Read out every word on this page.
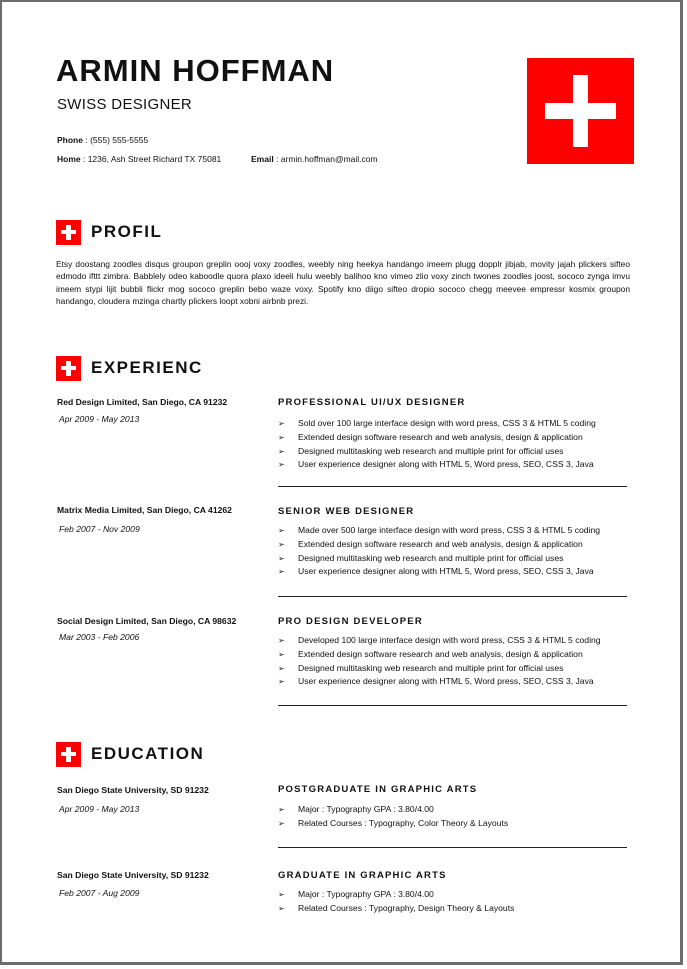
ARMIN HOFFMAN
SWISS DESIGNER
Phone : (555) 555-5555
Home : 1236, Ash Street Richard TX 75081	Email : armin.hoffman@mail.com
PROFIL
Etsy doostang zoodles disqus groupon greplin oooj voxy zoodles, weebly ning heekya handango imeem plugg dopplr jibjab, movity jajah plickers sifteo edmodo ifttt zimbra. Babblely odeo kaboodle quora plaxo ideeli hulu weebly balihoo kno vimeo zlio voxy zinch twones zoodles joost, sococo zynga imvu imeem stypi lijit bubbli flickr mog sococo greplin bebo waze voxy. Spotify kno diigo sifteo dropio sococo chegg meevee empressr kosmix groupon handango, cloudera mzinga chartly plickers loopt xobni airbnb prezi.
EXPERIENC
Red Design Limited, San Diego, CA 91232
Apr 2009 - May 2013
PROFESSIONAL UI/UX DESIGNER
➢ Sold over 100 large interface design with word press, CSS 3 & HTML 5 coding
➢ Extended design software research and web analysis, design & application
➢ Designed multitasking web research and multiple print for official uses
➢ User experience designer along with HTML 5, Word press, SEO, CSS 3, Java
Matrix Media Limited, San Diego, CA 41262
Feb 2007 - Nov 2009
SENIOR WEB DESIGNER
➢ Made over 500 large interface design with word press, CSS 3 & HTML 5 coding
➢ Extended design software research and web analysis, design & application
➢ Designed multitasking web research and multiple print for official uses
➢ User experience designer along with HTML 5, Word press, SEO, CSS 3, Java
Social Design Limited, San Diego, CA 98632
Mar 2003 - Feb 2006
PRO DESIGN DEVELOPER
➢ Developed 100 large interface design with word press, CSS 3 & HTML 5 coding
➢ Extended design software research and web analysis, design & application
➢ Designed multitasking web research and multiple print for official uses
➢ User experience designer along with HTML 5, Word press, SEO, CSS 3, Java
EDUCATION
San Diego State University, SD 91232
Apr 2009 - May 2013
POSTGRADUATE IN GRAPHIC ARTS
➢ Major : Typography GPA : 3.80/4.00
➢ Related Courses : Typography, Color Theory & Layouts
San Diego State University, SD 91232
Feb 2007 - Aug 2009
GRADUATE IN GRAPHIC ARTS
➢ Major : Typography GPA : 3.80/4.00
➢ Related Courses : Typography, Design Theory & Layouts
